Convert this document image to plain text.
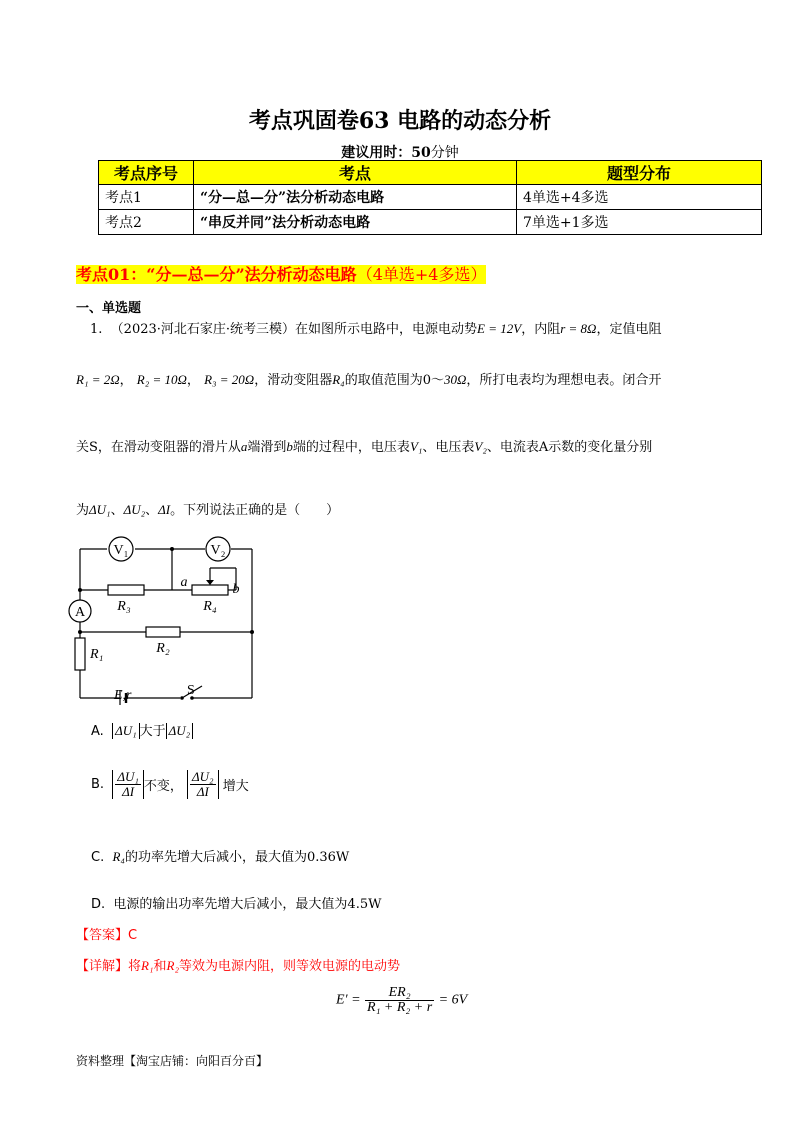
考点巩固卷63 电路的动态分析
建议用时：50分钟
考点序号	考点	题型分布
考点1	“分—总—分”法分析动态电路	4单选+4多选
考点2	“串反并同”法分析动态电路	7单选+1多选
考点01：“分—总—分”法分析动态电路（4单选+4多选）
一、单选题
1. （2023·河北石家庄·统考三模）在如图所示电路中，电源电动势E = 12V，内阻r = 8Ω，定值电阻
R₁ = 2Ω， R₂ = 10Ω， R₃ = 20Ω，滑动变阻器R₄的取值范围为0～30Ω，所打电表均为理想电表。闭合开
关S，在滑动变阻器的滑片从a端滑到b端的过程中，电压表V₁、电压表V₂、电流表A示数的变化量分别
为ΔU₁、ΔU₂、ΔI。下列说法正确的是（　　）
V₁	V₂
A R₃	R₄
a	b
R₂
R₁
E,r	S
A. ΔU₁ 大于 ΔU₂
B. $\frac{\text{ΔU₁}}{\Delta I}$ 不变， $\frac{\text{ΔU₂}}{\Delta I}$ 增大
C. R₄的功率先增大后减小，最大值为0.36W
D. 电源的输出功率先增大后减小，最大值为4.5W
【答案】C
【详解】将R₁和R₂等效为电源内阻，则等效电源的电动势
$E' = \frac{\text{ER₂}}{\text{R₁ + R₂ + r}} = 6V$
资料整理【淘宝店铺：向阳百分百】
